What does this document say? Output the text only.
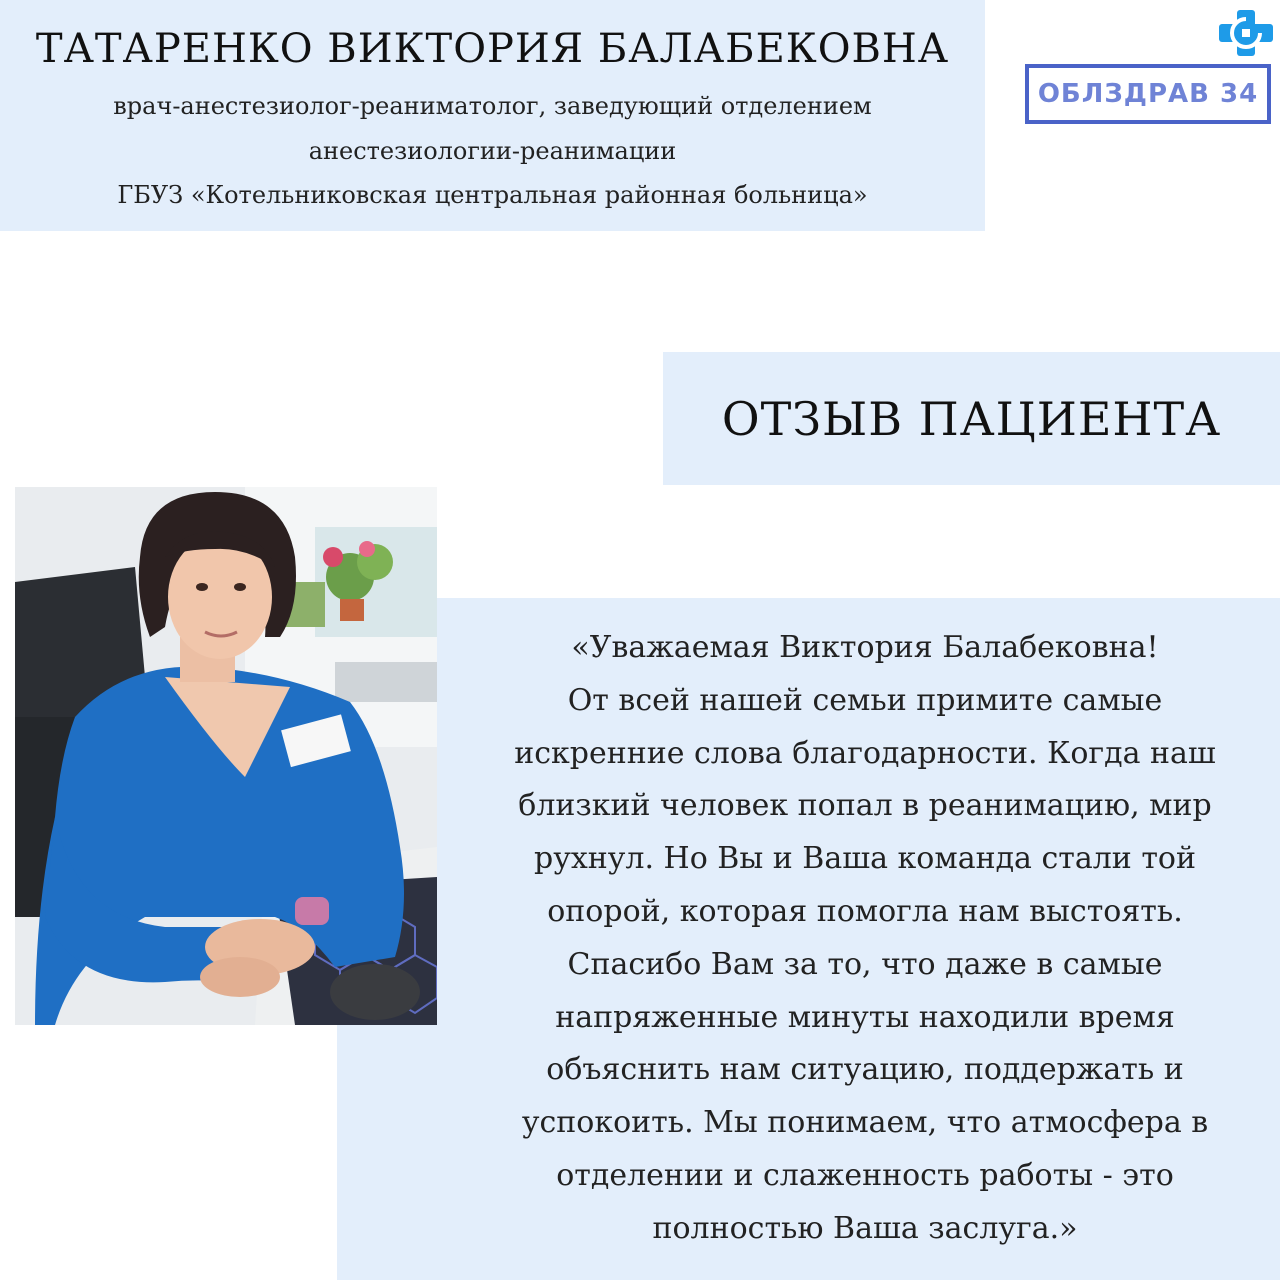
ТАТАРЕНКО ВИКТОРИЯ БАЛАБЕКОВНА

врач-анестезиолог-реаниматолог, заведующий отделением

анестезиологии-реанимации

ГБУЗ «Котельниковская центральная районная больница»

ОБЛЗДРАВ 34
ОТЗЫВ ПАЦИЕНТА
«Уважаемая Виктория Балабековна!
От всей нашей семьи примите самые
искренние слова благодарности. Когда наш
близкий человек попал в реанимацию, мир
рухнул. Но Вы и Ваша команда стали той
опорой, которая помогла нам выстоять.
Спасибо Вам за то, что даже в самые
напряженные минуты находили время
объяснить нам ситуацию, поддержать и
успокоить. Мы понимаем, что атмосфера в
отделении и слаженность работы - это
полностью Ваша заслуга.»
